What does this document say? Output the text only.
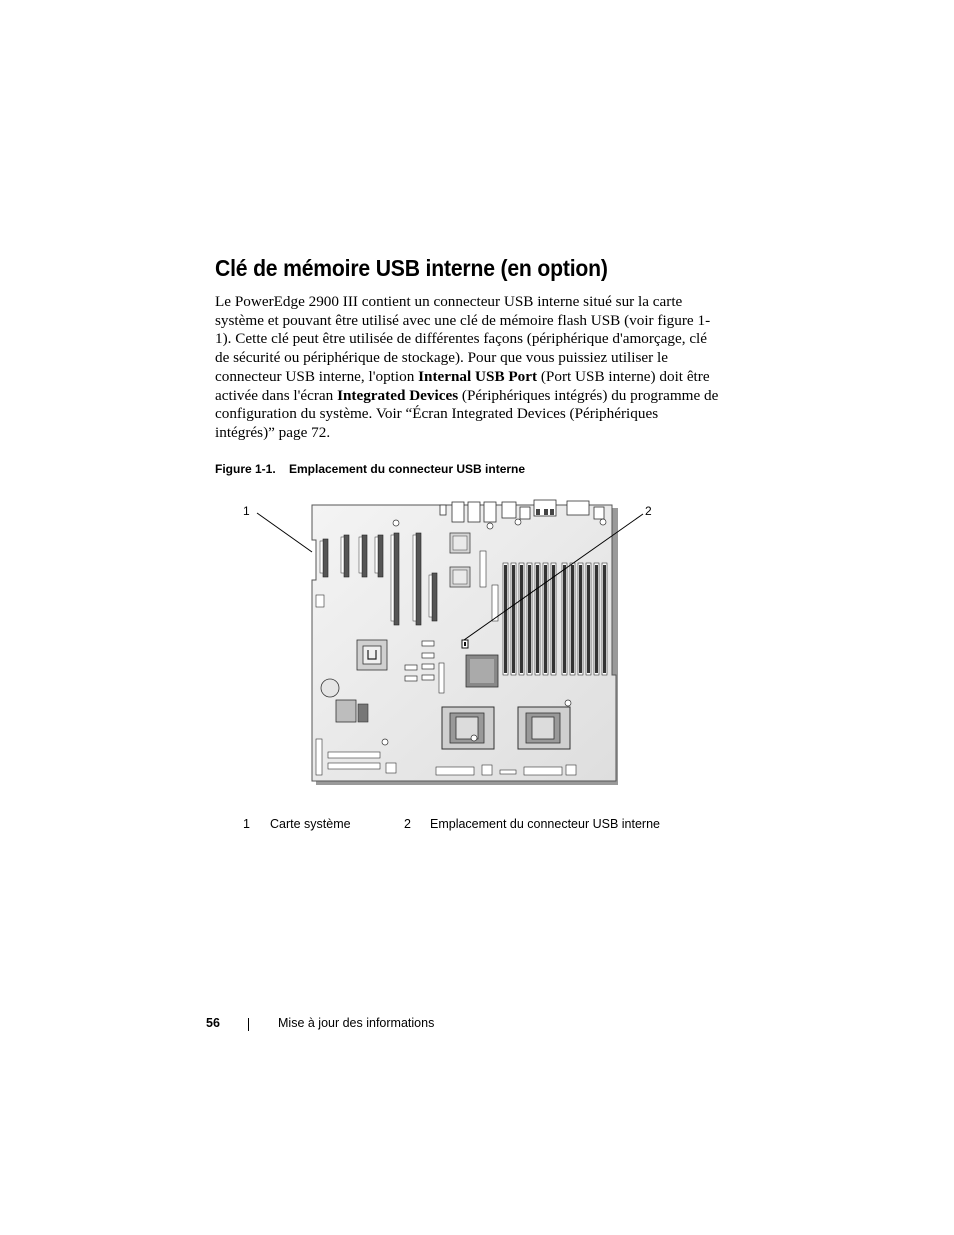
Clé de mémoire USB interne (en option)

Le PowerEdge 2900 III contient un connecteur USB interne situé sur la carte système et pouvant être utilisé avec une clé de mémoire flash USB (voir figure 1-1). Cette clé peut être utilisée de différentes façons (périphérique d'amorçage, clé de sécurité ou périphérique de stockage). Pour que vous puissiez utiliser le connecteur USB interne, l'option Internal USB Port (Port USB interne) doit être activée dans l'écran Integrated Devices (Périphériques intégrés) du programme de configuration du système. Voir “Écran Integrated Devices (Périphériques intégrés)” page 72.

Figure 1-1. Emplacement du connecteur USB interne

1	2
1 Carte système	2 Emplacement du connecteur USB interne
56	Mise à jour des informations
